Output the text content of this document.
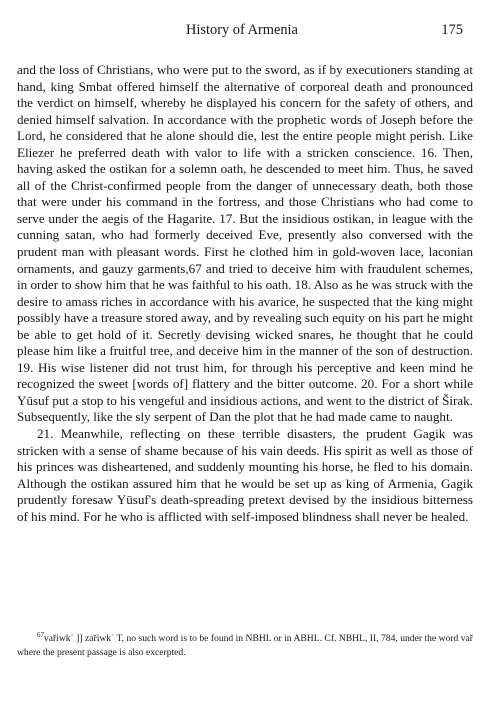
History of Armenia	175

and the loss of Christians, who were put to the sword, as if by executioners standing at hand, king Smbat offered himself the alternative of corporeal death and pronounced the verdict on himself, whereby he displayed his concern for the safety of others, and denied himself salvation. In accordance with the prophetic words of Joseph before the Lord, he considered that he alone should die, lest the entire people might perish. Like Eliezer he preferred death with valor to life with a stricken conscience. 16. Then, having asked the ostikan for a solemn oath, he descended to meet him. Thus, he saved all of the Christ-confirmed people from the danger of unnecessary death, both those that were under his command in the fortress, and those Christians who had come to serve under the aegis of the Hagarite. 17. But the insidious ostikan, in league with the cunning satan, who had formerly deceived Eve, presently also conversed with the prudent man with pleasant words. First he clothed him in gold-woven lace, laconian ornaments, and gauzy garments,67 and tried to deceive him with fraudulent schemes, in order to show him that he was faithful to his oath. 18. Also as he was struck with the desire to amass riches in accordance with his avarice, he suspected that the king might possibly have a treasure stored away, and by revealing such equity on his part he might be able to get hold of it. Secretly devising wicked snares, he thought that he could please him like a fruitful tree, and deceive him in the manner of the son of destruction. 19. His wise listener did not trust him, for through his perceptive and keen mind he recognized the sweet [words of] flattery and the bitter outcome. 20. For a short while Yūsuf put a stop to his vengeful and insidious actions, and went to the district of Širak. Subsequently, like the sly serpent of Dan the plot that he had made came to naught.

21. Meanwhile, reflecting on these terrible disasters, the prudent Gagik was stricken with a sense of shame because of his vain deeds. His spirit as well as those of his princes was disheartened, and suddenly mounting his horse, he fled to his domain. Although the ostikan assured him that he would be set up as king of Armenia, Gagik prudently foresaw Yūsuf's death-spreading pretext devised by the insidious bitterness of his mind. For he who is afflicted with self-imposed blindness shall never be healed.

$^{67}$vařiwkʿ ]] zařiwkʿ T, no such word is to be found in NBHL or in ABHL. Cf. NBHL, II, 784, under the word vař where the present passage is also excerpted.
